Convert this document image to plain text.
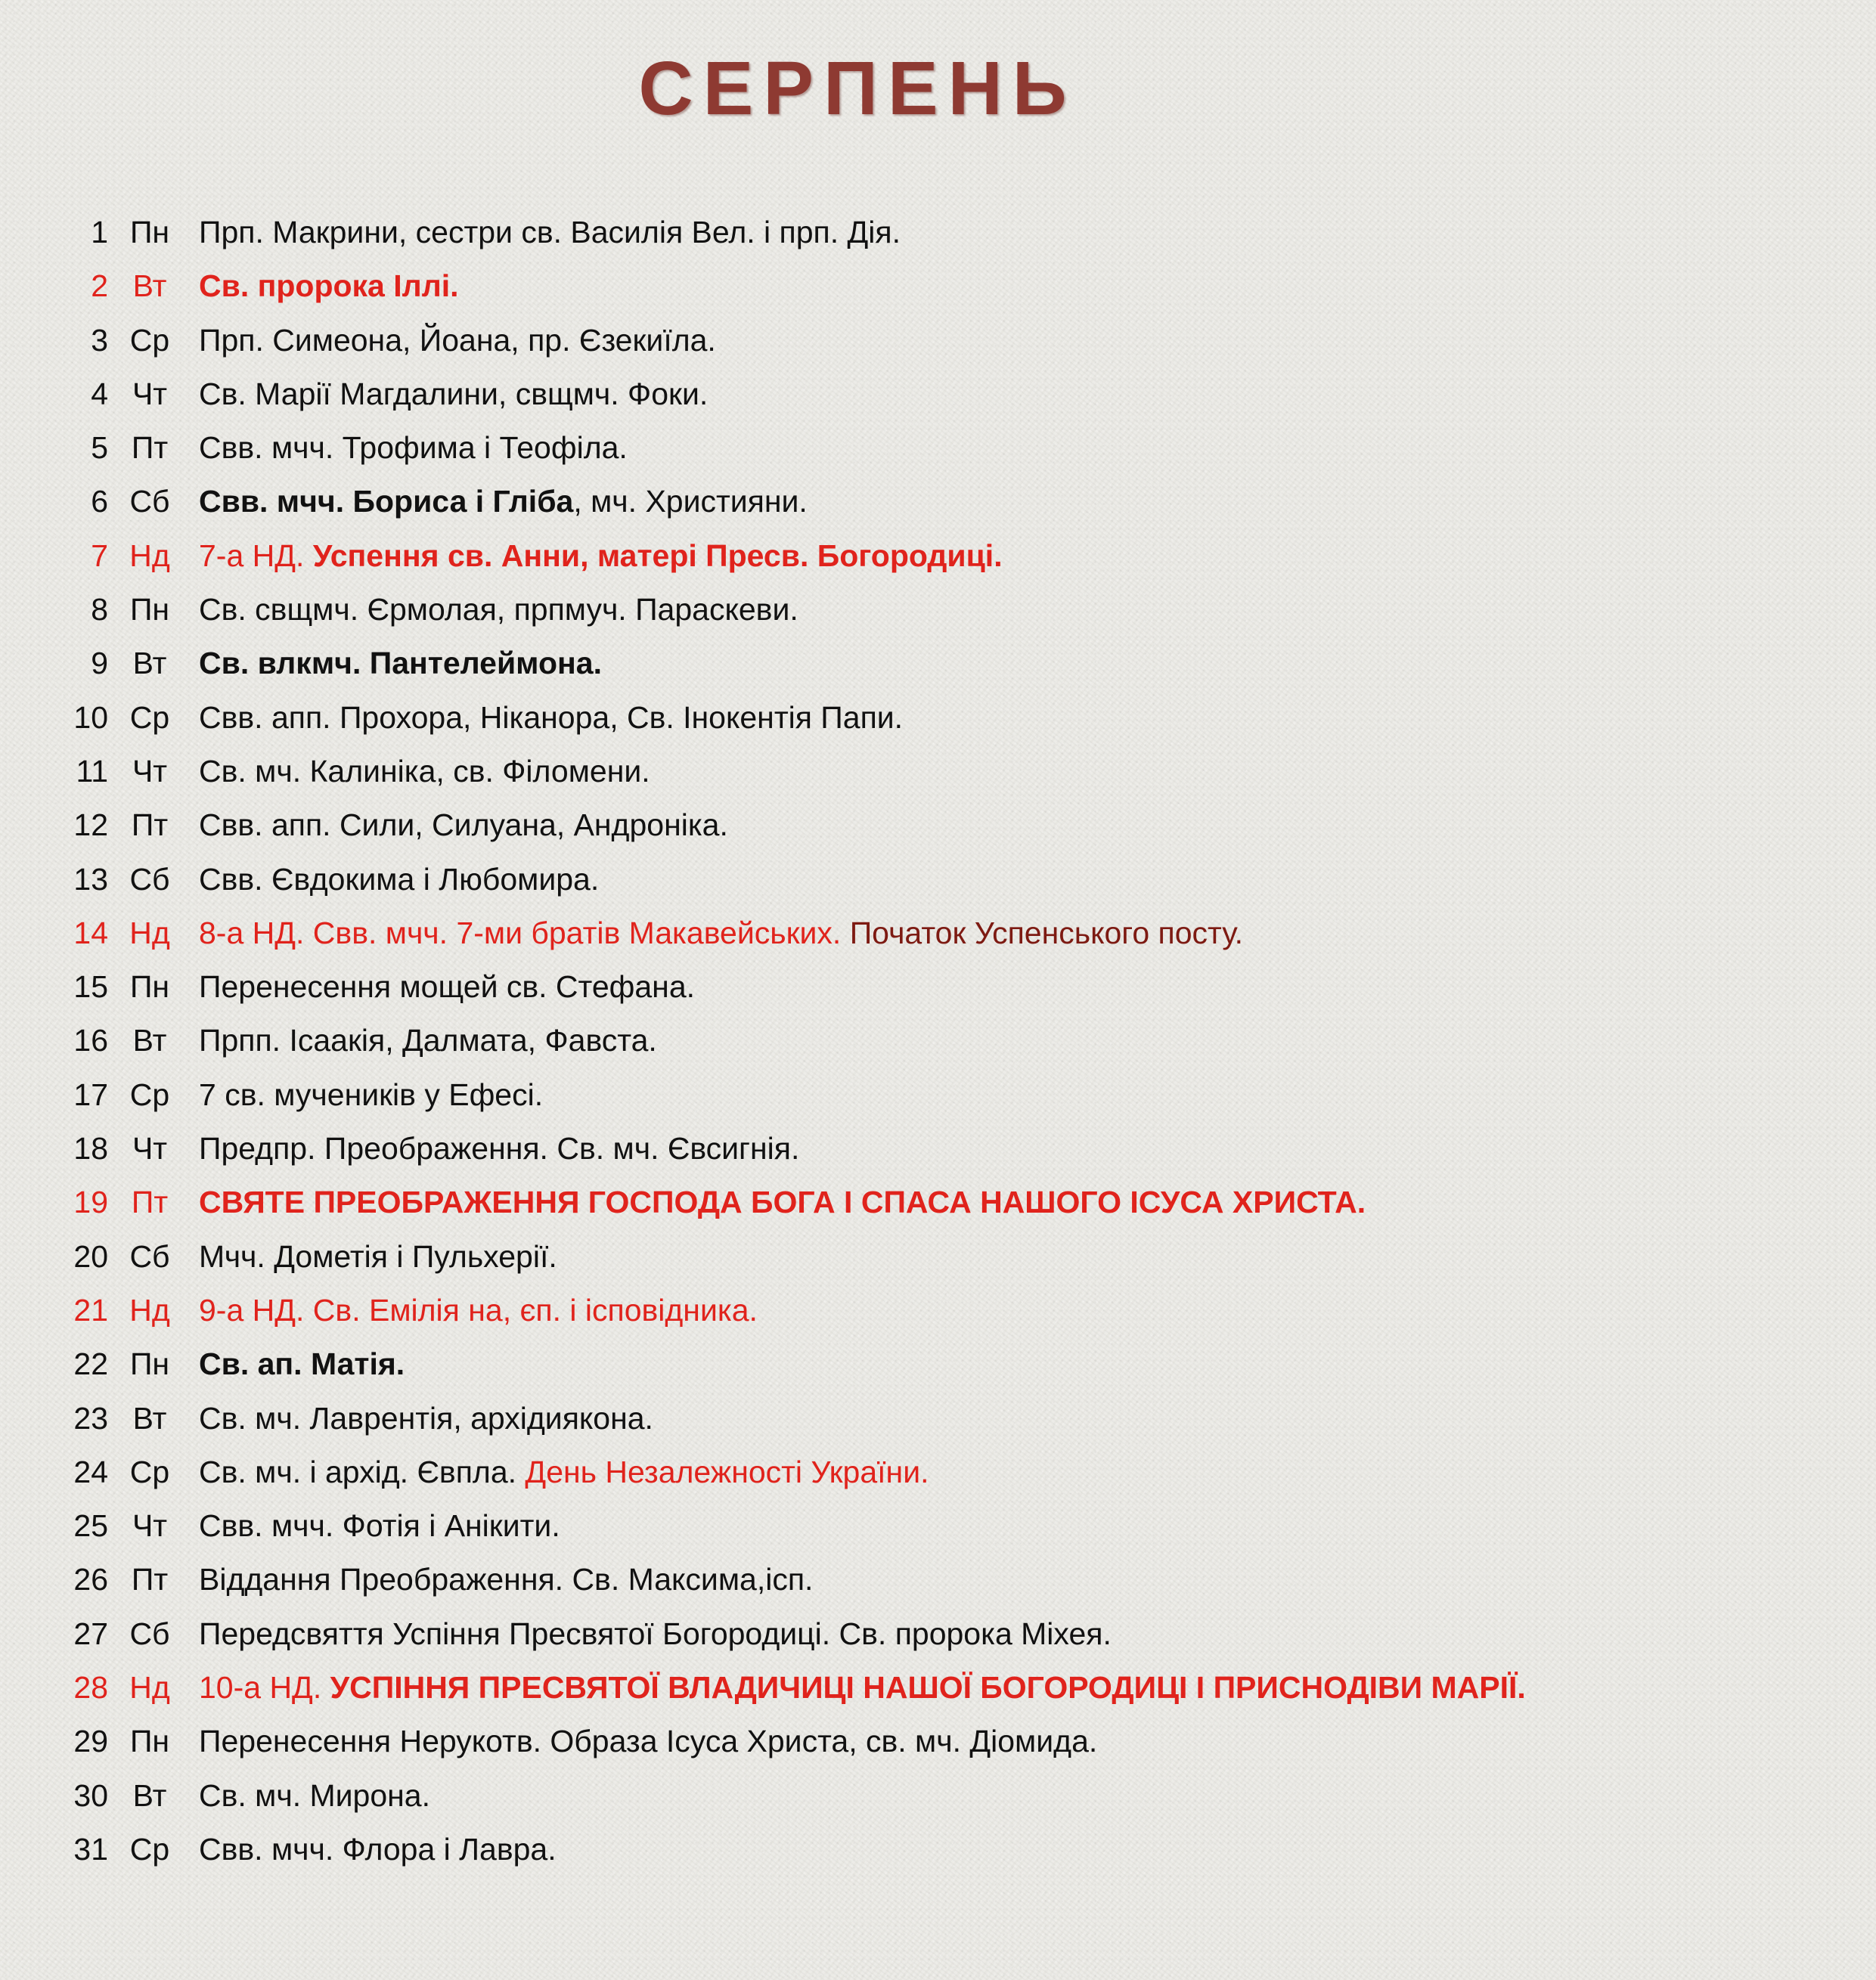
СЕРПЕНЬ
1 Пн Прп. Макрини, сестри св. Василія Вел. і прп. Дія.
2 Вт	Св. пророка Іллі.
3 Ср Прп. Симеона, Йоана, пр. Єзекиїла.
4 Чт	Св. Марії Магдалини, свщмч. Фоки.
5 Пт Свв. мчч. Трофима і Теофіла.
6 Сб Свв. мчч. Бориса і Гліба, мч. Християни.
7 Нд 7-а НД. Успення св. Анни, матері Пресв. Богородиці.
8 Пн Св. свщмч. Єрмолая, прпмуч. Параскеви.
9 Вт	Св. влкмч. Пантелеймона.
10 Ср Свв. апп. Прохора, Ніканора, Св. Інокентія Папи.
11 Чт	Св. мч. Калиніка, св. Філомени.
12 Пт Свв. апп. Сили, Силуана, Андроніка.
13 Сб Свв. Євдокима і Любомира.
14 Нд 8-а НД. Свв. мчч. 7-ми братів Макавейських. Початок Успенського посту.
15 Пн Перенесення мощей св. Стефана.
16 Вт	Прпп. Ісаакія, Далмата, Фавста.
17 Ср 7 св. мучеників у Ефесі.
18 Чт	Предпр. Преображення. Св. мч. Євсигнія.
19 Пт СВЯТЕ ПРЕОБРАЖЕННЯ ГОСПОДА БОГА І СПАСА НАШОГО ІСУСА ХРИСТА.
20 Сб Мчч. Дометія і Пульхерії.
21 Нд 9-а НД. Св. Емілія на, єп. і ісповідника.
22 Пн Св. ап. Матія.
23 Вт	Св. мч. Лаврентія, архідиякона.
24 Ср Св. мч. і архід. Євпла. День Незалежності України.
25 Чт	Свв. мчч. Фотія і Анікити.
26 Пт Віддання Преображення. Св. Максима,ісп.
27 Сб Передсвяття Успіння Пресвятої Богородиці. Св. пророка Міхея.
28 Нд 10-а НД. УСПІННЯ ПРЕСВЯТОЇ ВЛАДИЧИЦІ НАШОЇ БОГОРОДИЦІ І ПРИСНОДІВИ МАРІЇ.
29 Пн Перенесення Нерукотв. Образа Ісуса Христа, св. мч. Діомида.
30 Вт	Св. мч. Мирона.
31 Ср Свв. мчч. Флора і Лавра.
